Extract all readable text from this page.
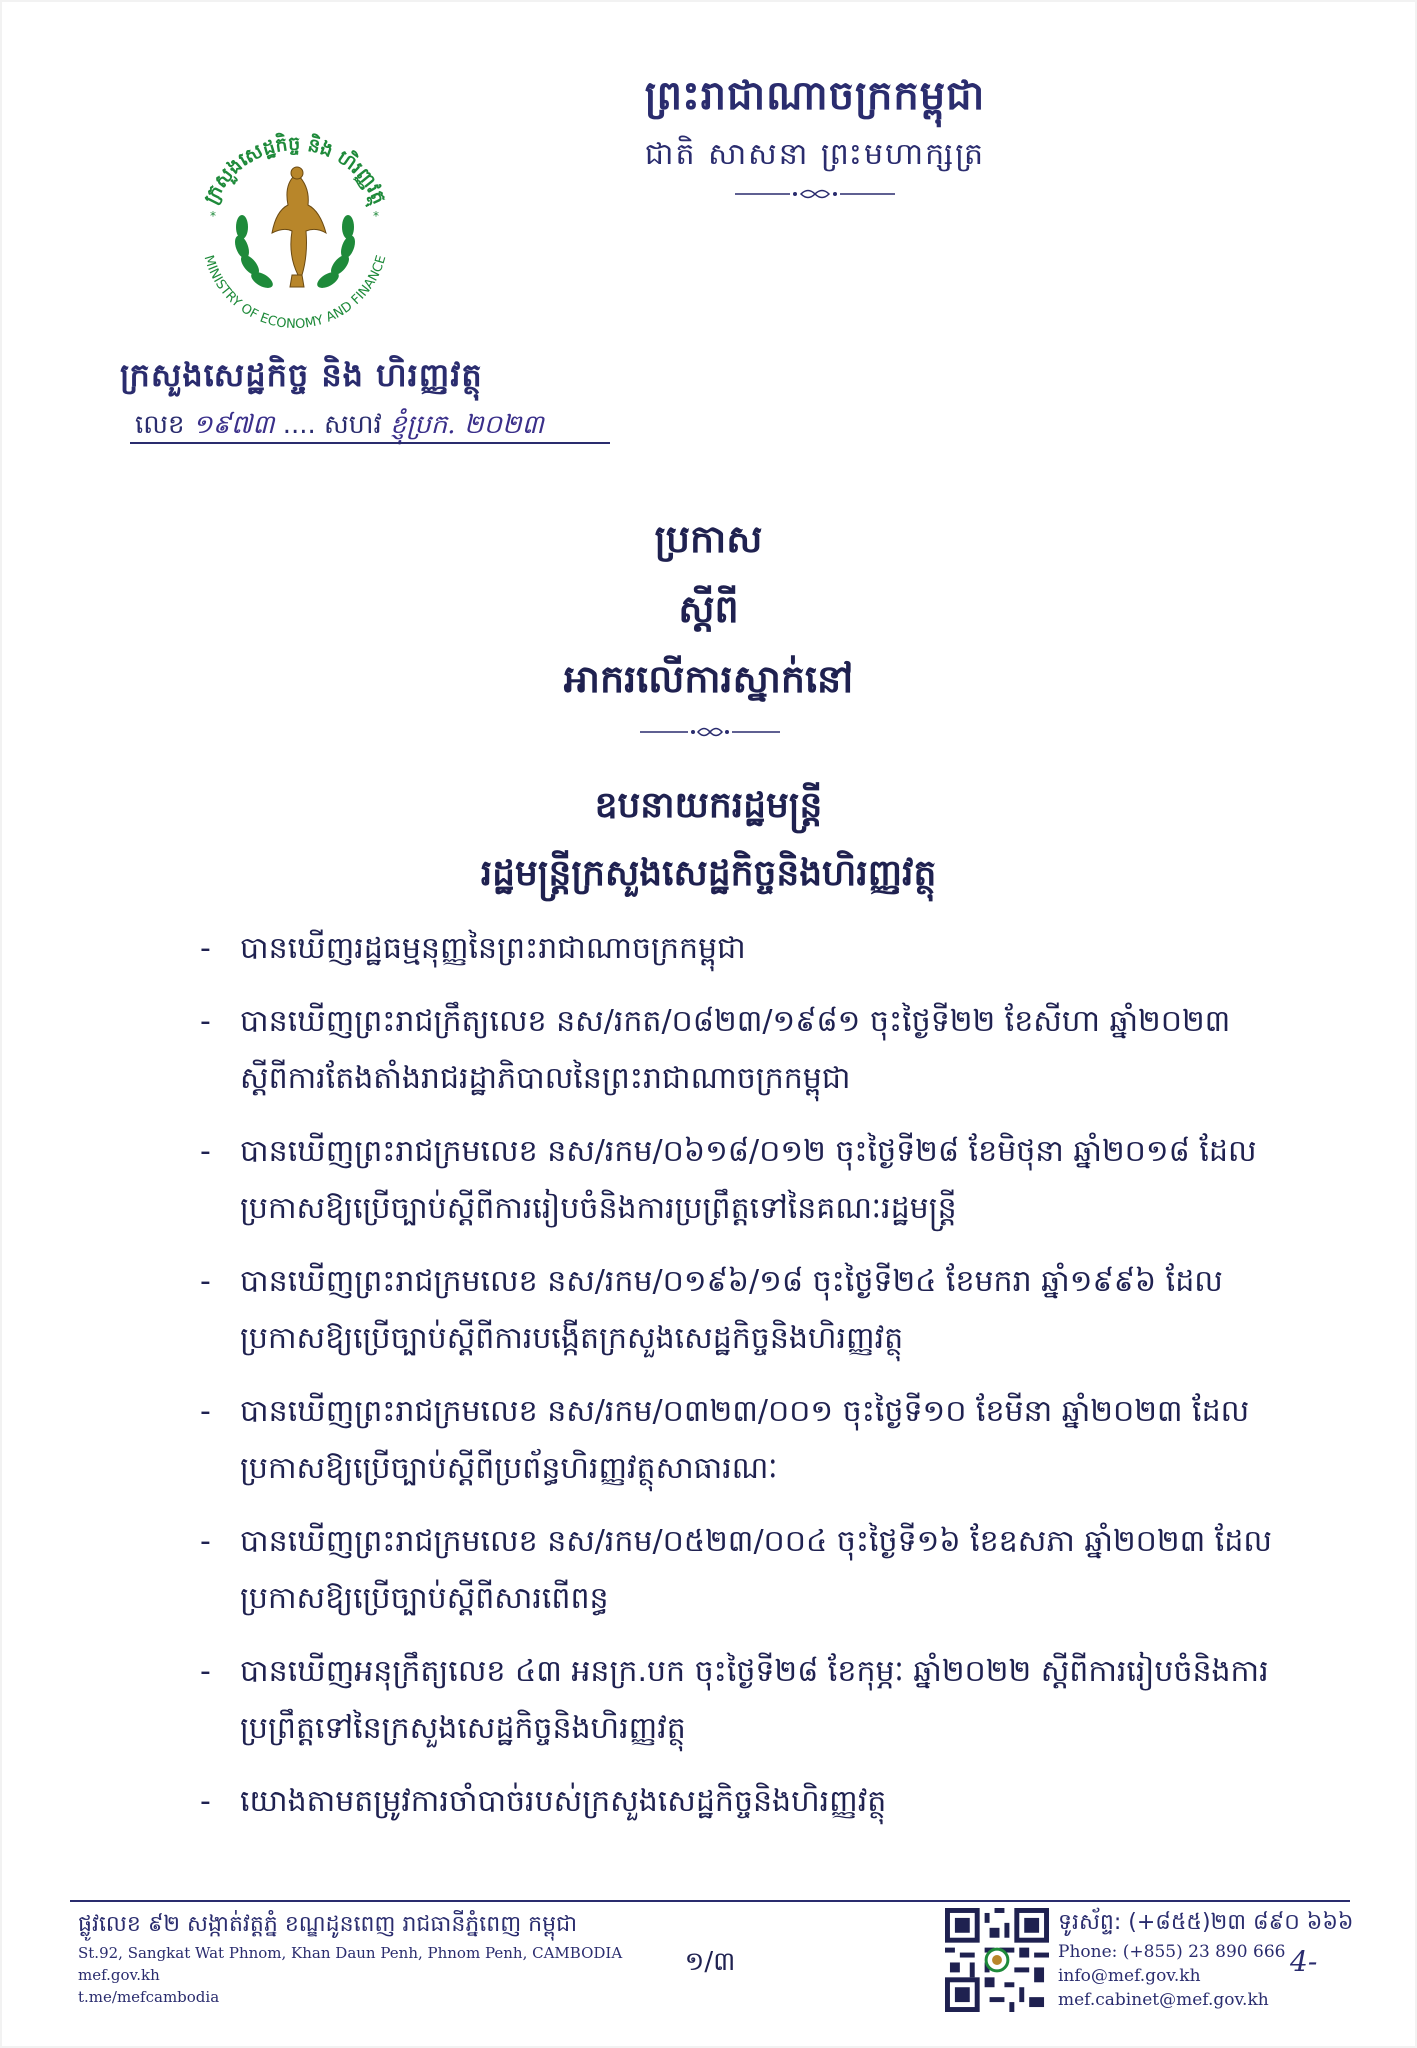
ព្រះរាជាណាចក្រកម្ពុជា
ជាតិ សាសនា ព្រះមហាក្សត្រ
ក្រសួងសេដ្ឋកិច្ច និង ហិរញ្ញវត្ថុ
MINISTRY OF ECONOMY AND FINANCE
*	*
ក្រសួងសេដ្ឋកិច្ច និង ហិរញ្ញវត្ថុ
លេខ ១៩៧៣ .... សហវ ខ្ញុំប្រក. ២០២៣
ប្រកាស
ស្តីពី
អាករលើការស្នាក់នៅ
ឧបនាយករដ្ឋមន្ត្រី
រដ្ឋមន្ត្រីក្រសួងសេដ្ឋកិច្ចនិងហិរញ្ញវត្ថុ
- បានឃើញរដ្ឋធម្មនុញ្ញនៃព្រះរាជាណាចក្រកម្ពុជា
- បានឃើញព្រះរាជក្រឹត្យលេខ នស/រកត/០៨២៣/១៩៨១ ចុះថ្ងៃទី២២ ខែសីហា ឆ្នាំ២០២៣ ស្តីពីការតែងតាំងរាជរដ្ឋាភិបាលនៃព្រះរាជាណាចក្រកម្ពុជា
- បានឃើញព្រះរាជក្រមលេខ នស/រកម/០៦១៨/០១២ ចុះថ្ងៃទី២៨ ខែមិថុនា ឆ្នាំ២០១៨ ដែលប្រកាសឱ្យប្រើច្បាប់ស្តីពីការរៀបចំនិងការប្រព្រឹត្តទៅនៃគណៈរដ្ឋមន្ត្រី
- បានឃើញព្រះរាជក្រមលេខ នស/រកម/០១៩៦/១៨ ចុះថ្ងៃទី២៤ ខែមករា ឆ្នាំ១៩៩៦ ដែលប្រកាសឱ្យប្រើច្បាប់ស្តីពីការបង្កើតក្រសួងសេដ្ឋកិច្ចនិងហិរញ្ញវត្ថុ
- បានឃើញព្រះរាជក្រមលេខ នស/រកម/០៣២៣/០០១ ចុះថ្ងៃទី១០ ខែមីនា ឆ្នាំ២០២៣ ដែលប្រកាសឱ្យប្រើច្បាប់ស្តីពីប្រព័ន្ធហិរញ្ញវត្ថុសាធារណៈ
- បានឃើញព្រះរាជក្រមលេខ នស/រកម/០៥២៣/០០៤ ចុះថ្ងៃទី១៦ ខែឧសភា ឆ្នាំ២០២៣ ដែលប្រកាសឱ្យប្រើច្បាប់ស្តីពីសារពើពន្ធ
- បានឃើញអនុក្រឹត្យលេខ ៤៣ អនក្រ.បក ចុះថ្ងៃទី២៨ ខែកុម្ភៈ ឆ្នាំ២០២២ ស្តីពីការរៀបចំនិងការប្រព្រឹត្តទៅនៃក្រសួងសេដ្ឋកិច្ចនិងហិរញ្ញវត្ថុ
- យោងតាមតម្រូវការចាំបាច់របស់ក្រសួងសេដ្ឋកិច្ចនិងហិរញ្ញវត្ថុ
ផ្លូវលេខ ៩២ សង្កាត់វត្តភ្នំ ខណ្ឌដូនពេញ រាជធានីភ្នំពេញ កម្ពុជា
St.92, Sangkat Wat Phnom, Khan Daun Penh, Phnom Penh, CAMBODIA
mef.gov.kh
t.me/mefcambodia
១/៣
ទូរស័ព្ទ: (+៨៥៥)២៣ ៨៩០ ៦៦៦
Phone: (+855) 23 890 666
info@mef.gov.kh
mef.cabinet@mef.gov.kh
4-
